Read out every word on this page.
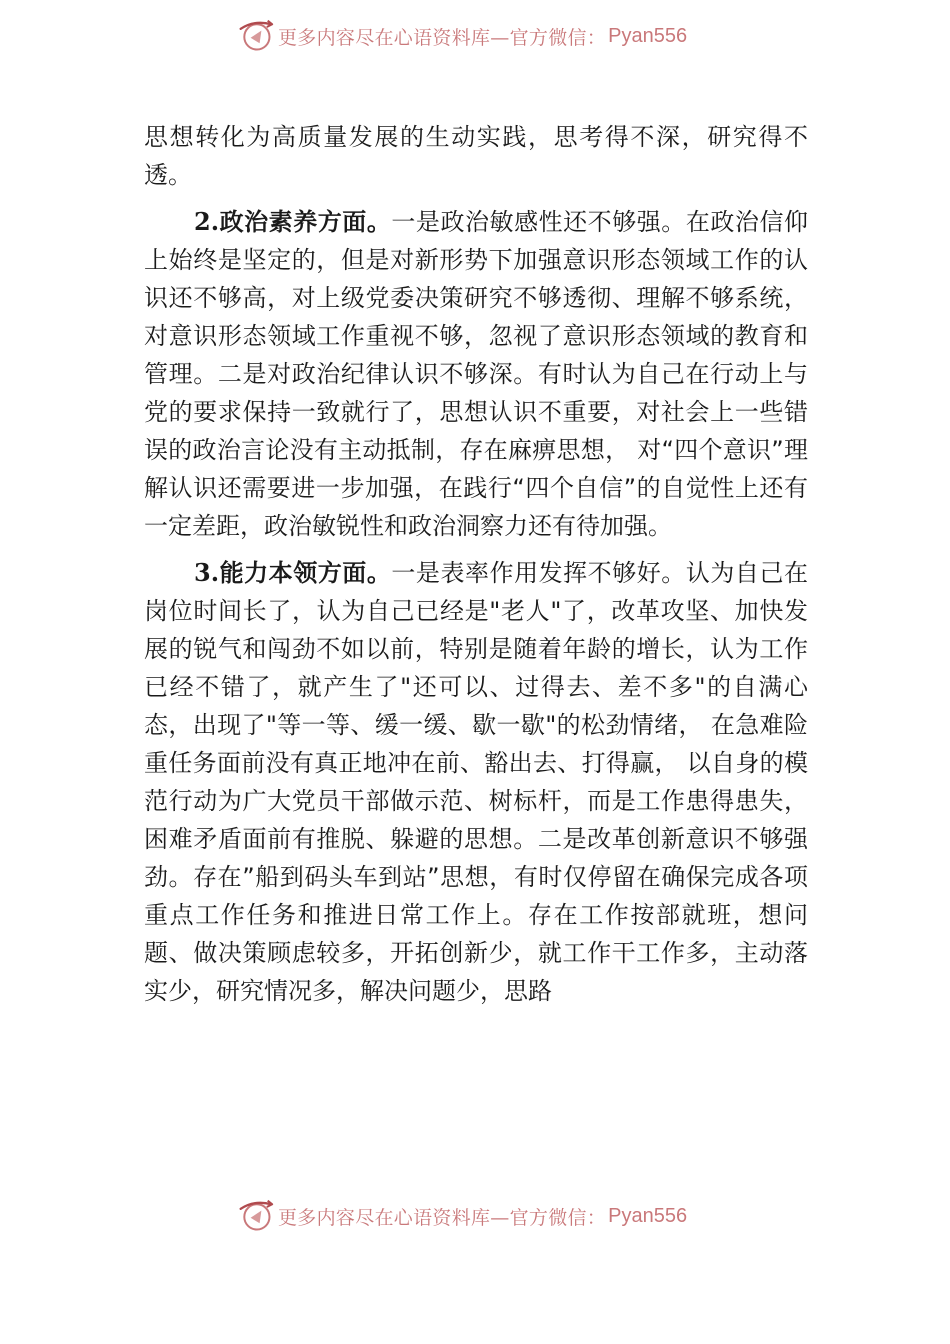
更多内容尽在心语资料库—官方微信： Pyan556

思想转化为高质量发展的生动实践，思考得不深，研究得不透。

2.政治素养方面。一是政治敏感性还不够强。在政治信仰上始终是坚定的，但是对新形势下加强意识形态领域工作的认识还不够高，对上级党委决策研究不够透彻、理解不够系统，对意识形态领域工作重视不够，忽视了意识形态领域的教育和管理。二是对政治纪律认识不够深。有时认为自己在行动上与党的要求保持一致就行了，思想认识不重要，对社会上一些错误的政治言论没有主动抵制，存在麻痹思想， 对“四个意识”理解认识还需要进一步加强，在践行“四个自信”的自觉性上还有一定差距，政治敏锐性和政治洞察力还有待加强。

3.能力本领方面。一是表率作用发挥不够好。认为自己在岗位时间长了，认为自己已经是"老人"了，改革攻坚、加快发展的锐气和闯劲不如以前，特别是随着年龄的增长，认为工作已经不错了，就产生了"还可以、过得去、差不多"的自满心态，出现了"等一等、缓一缓、歇一歇"的松劲情绪， 在急难险重任务面前没有真正地冲在前、豁出去、打得赢， 以自身的模范行动为广大党员干部做示范、树标杆，而是工作患得患失，困难矛盾面前有推脱、躲避的思想。二是改革创新意识不够强劲。存在”船到码头车到站”思想，有时仅停留在确保完成各项重点工作任务和推进日常工作上。存在工作按部就班，想问题、做决策顾虑较多，开拓创新少，就工作干工作多，主动落实少，研究情况多，解决问题少，思路

更多内容尽在心语资料库—官方微信： Pyan556
